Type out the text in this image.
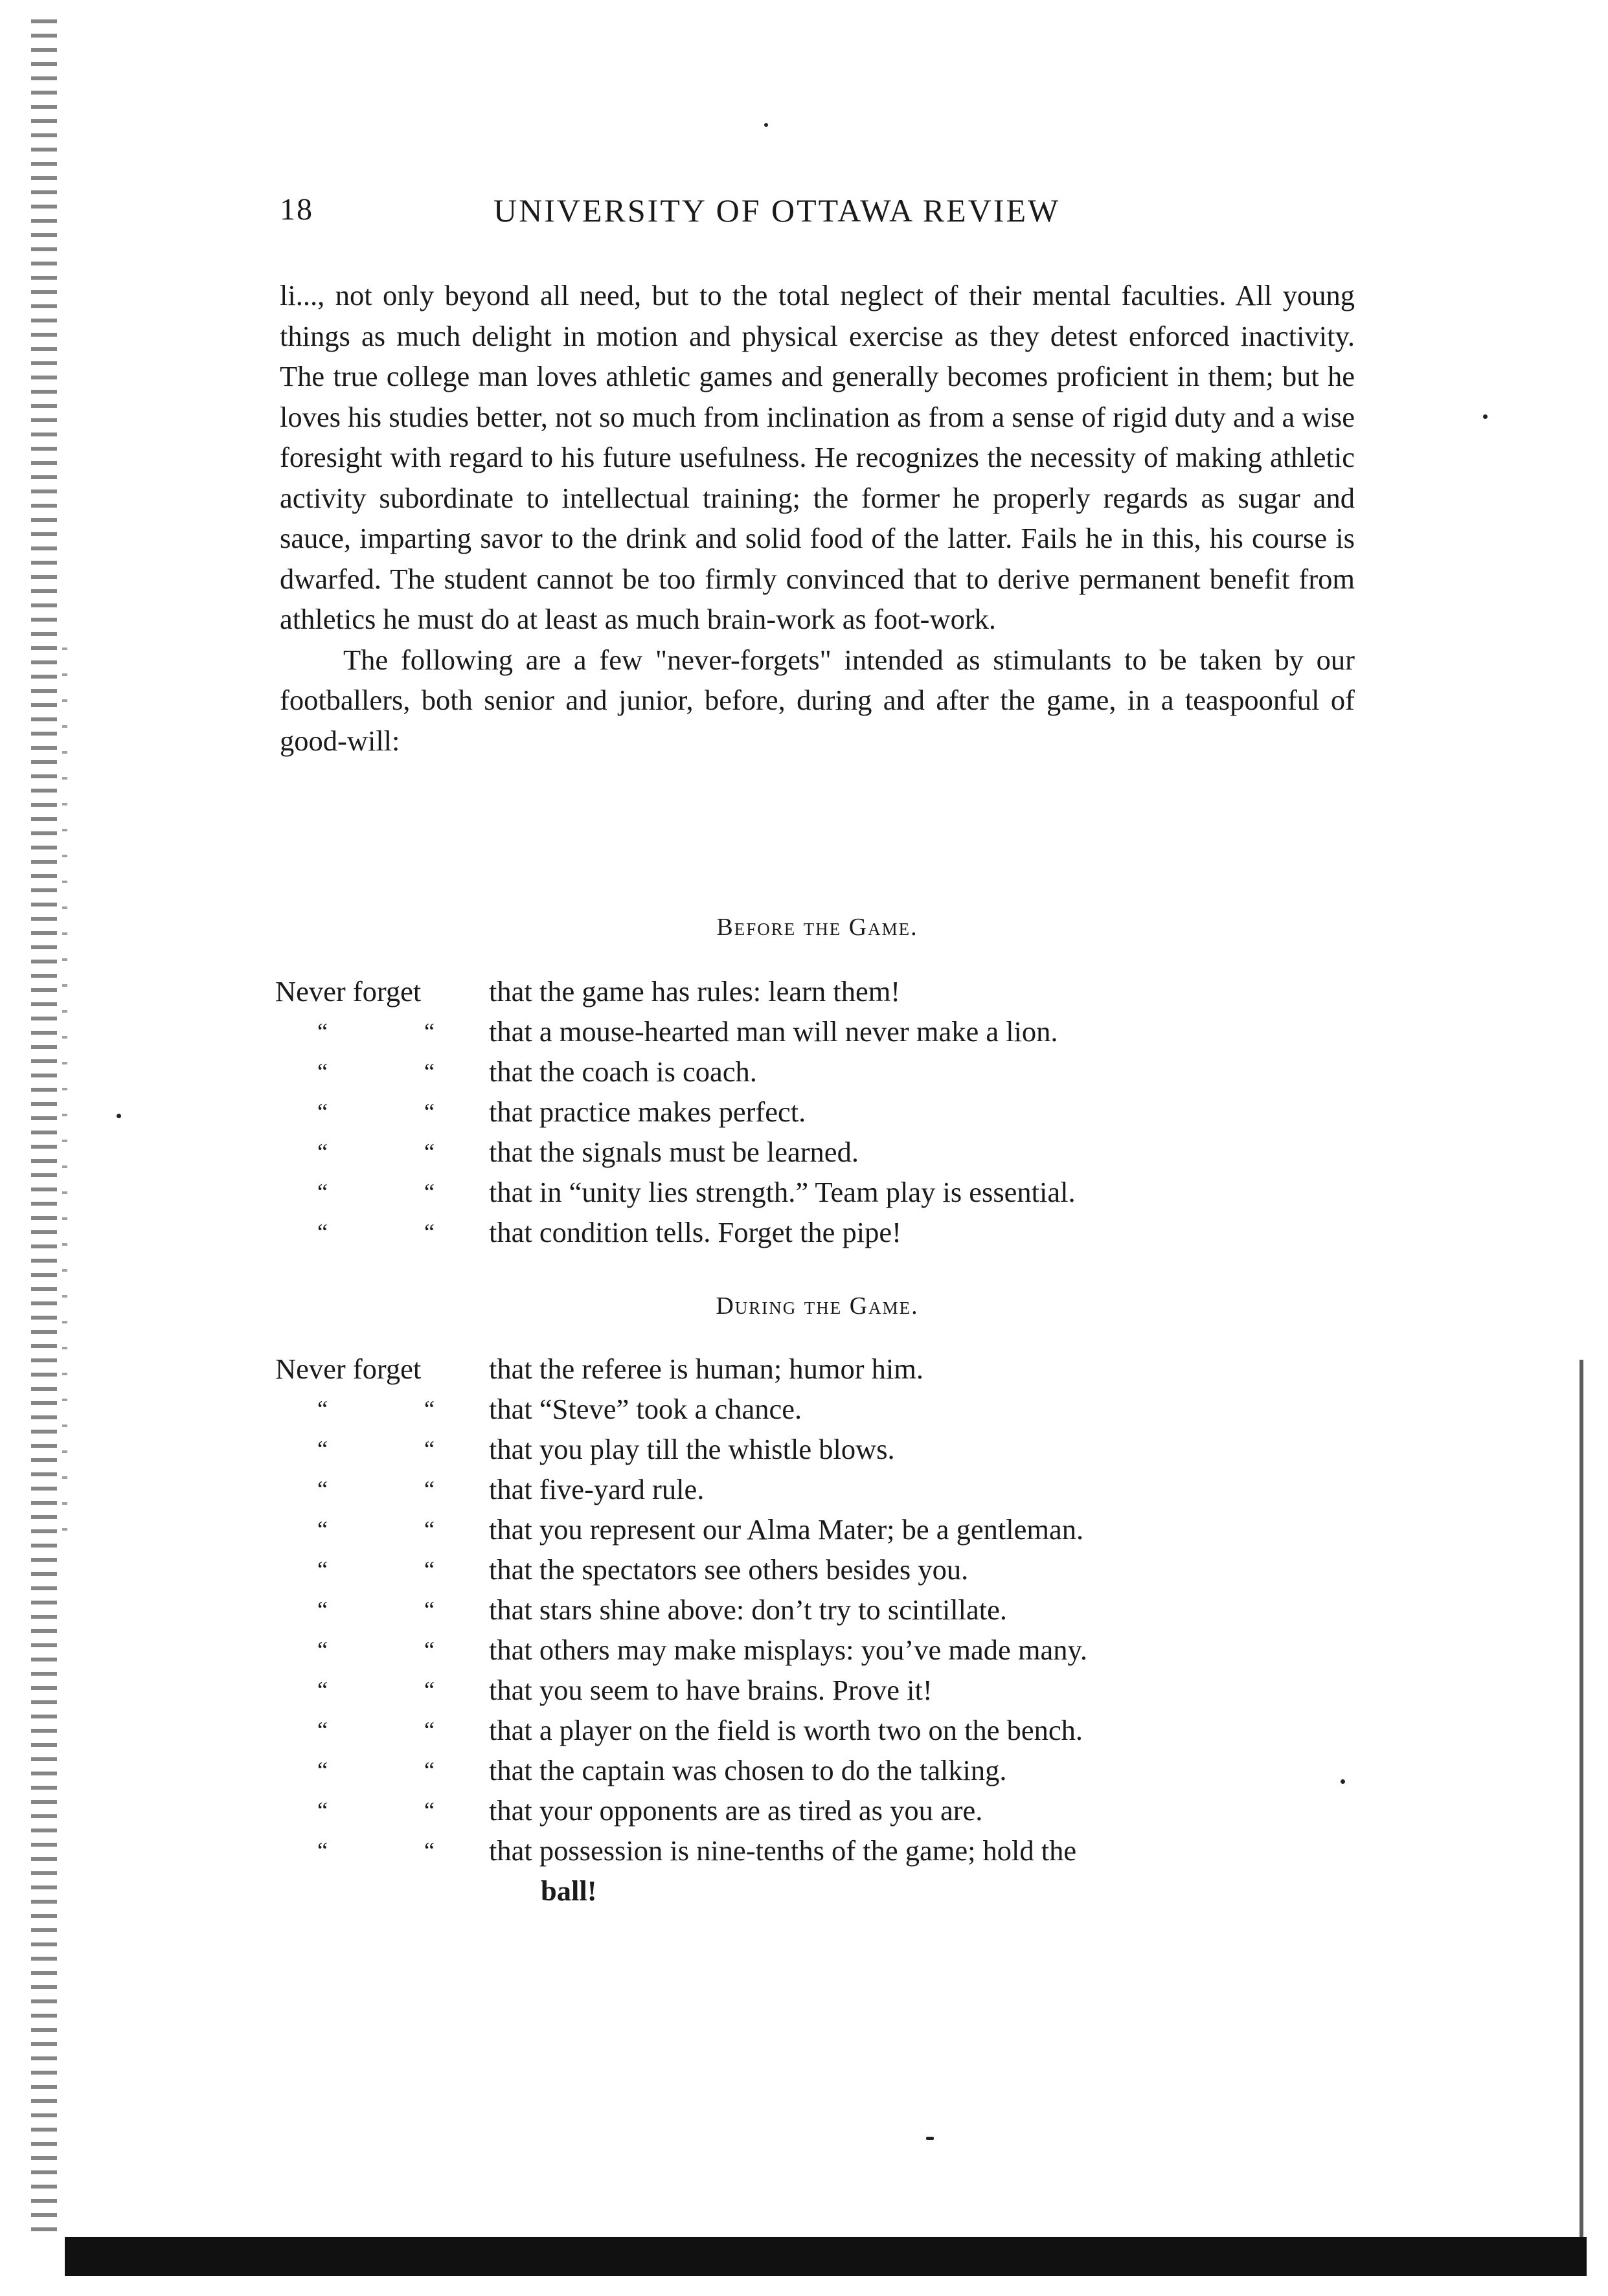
18	UNIVERSITY OF OTTAWA REVIEW

li..., not only beyond all need, but to the total neglect of their mental faculties. All young things as much delight in motion and physical exercise as they detest enforced inactivity. The true college man loves athletic games and generally becomes proficient in them; but he loves his studies better, not so much from inclination as from a sense of rigid duty and a wise foresight with regard to his future usefulness. He recognizes the necessity of making athletic activity subordinate to intellectual training; the former he properly regards as sugar and sauce, imparting savor to the drink and solid food of the latter. Fails he in this, his course is dwarfed. The student cannot be too firmly convinced that to derive permanent benefit from athletics he must do at least as much brain-work as foot-work.

The following are a few "never-forgets" intended as stimulants to be taken by our footballers, both senior and junior, before, during and after the game, in a teaspoonful of good-will:

Before the Game.
Never forget that the game has rules: learn them!
“	“ that a mouse-hearted man will never make a lion.
“	“ that the coach is coach.
“	“ that practice makes perfect.
“	“ that the signals must be learned.
“	“ that in “unity lies strength.” Team play is essential.
“	“ that condition tells. Forget the pipe!
During the Game.
Never forget that the referee is human; humor him.
“	“ that “Steve” took a chance.
“	“ that you play till the whistle blows.
“	“ that five-yard rule.
“	“ that you represent our Alma Mater; be a gentleman.
“	“ that the spectators see others besides you.
“	“ that stars shine above: don’t try to scintillate.
“	“ that others may make misplays: you’ve made many.
“	“ that you seem to have brains. Prove it!
“	“ that a player on the field is worth two on the bench.
“	“ that the captain was chosen to do the talking.
“	“ that your opponents are as tired as you are.
“	“ that possession is nine-tenths of the game; hold the
ball!
